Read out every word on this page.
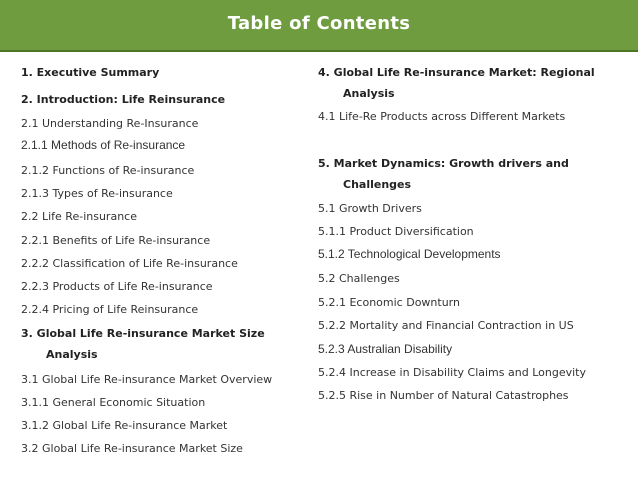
Table of Contents
1. Executive Summary
2. Introduction: Life Reinsurance
2.1 Understanding Re-Insurance
2.1.1 Methods of Re-insurance
2.1.2 Functions of Re-insurance
2.1.3 Types of Re-insurance
2.2 Life Re-insurance
2.2.1 Benefits of Life Re-insurance
2.2.2 Classification of Life Re-insurance
2.2.3 Products of Life Re-insurance
2.2.4 Pricing of Life Reinsurance
3. Global Life Re-insurance Market Size
Analysis
3.1 Global Life Re-insurance Market Overview
3.1.1 General Economic Situation
3.1.2 Global Life Re-insurance Market
3.2 Global Life Re-insurance Market Size
4. Global Life Re-insurance Market: Regional
Analysis
4.1 Life-Re Products across Different Markets
5. Market Dynamics: Growth drivers and
Challenges
5.1 Growth Drivers
5.1.1 Product Diversification
5.1.2 Technological Developments
5.2 Challenges
5.2.1 Economic Downturn
5.2.2 Mortality and Financial Contraction in US
5.2.3 Australian Disability
5.2.4 Increase in Disability Claims and Longevity
5.2.5 Rise in Number of Natural Catastrophes
